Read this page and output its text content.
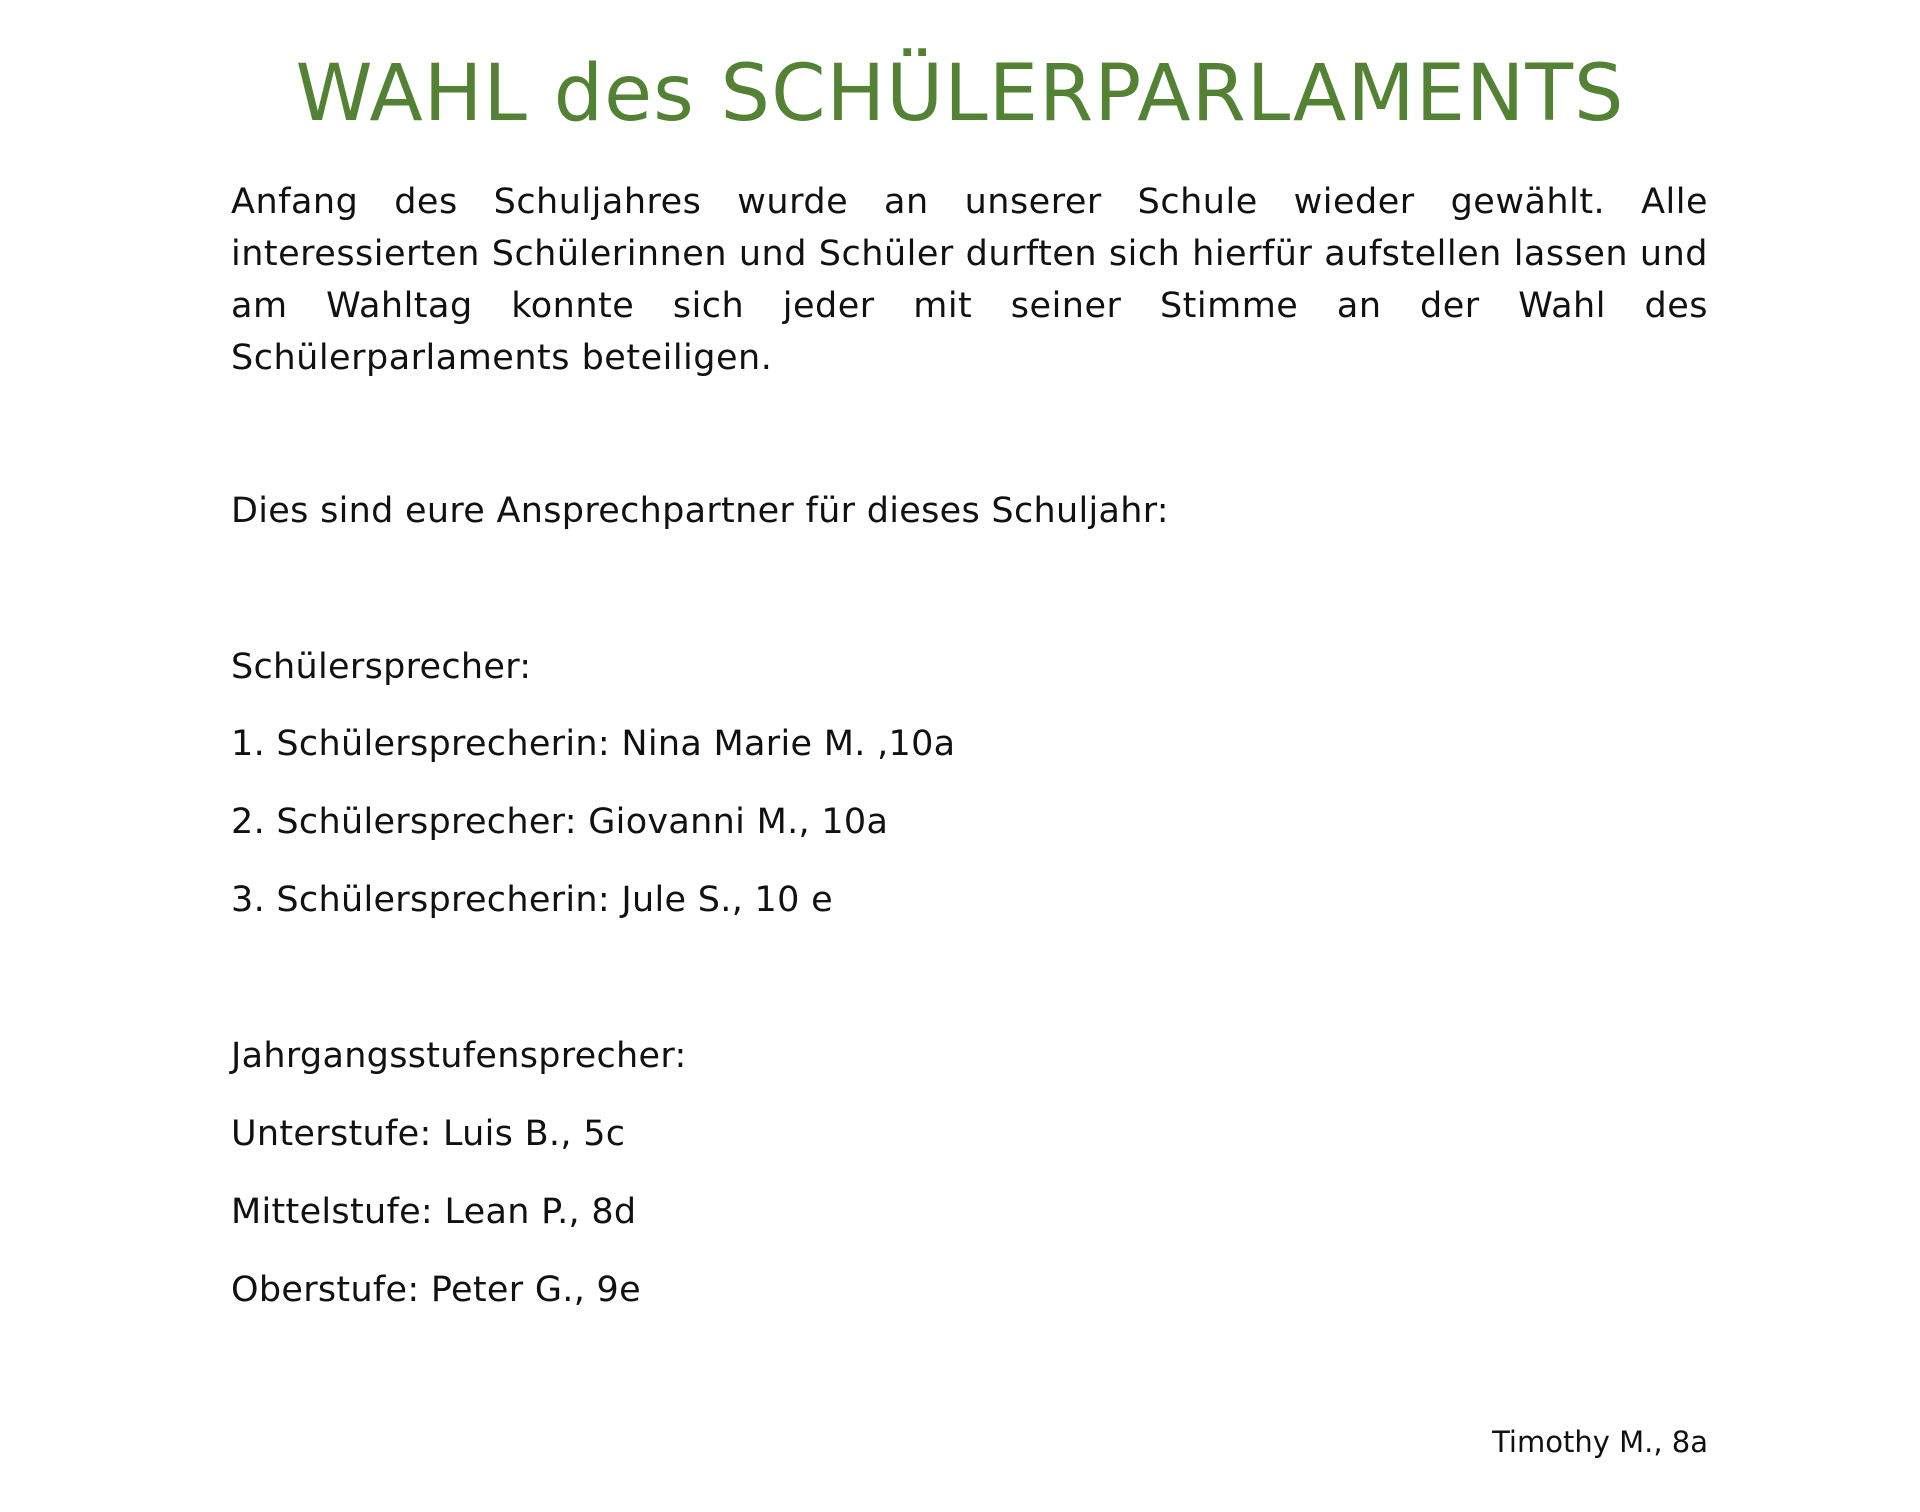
WAHL des SCHÜLERPARLAMENTS

Anfang des Schuljahres wurde an unserer Schule wieder gewählt. Alle interessierten Schülerinnen und Schüler durften sich hierfür aufstellen lassen und am Wahltag konnte sich jeder mit seiner Stimme an der Wahl des Schülerparlaments beteiligen.

Dies sind eure Ansprechpartner für dieses Schuljahr:

Schülersprecher:

1. Schülersprecherin: Nina Marie M. ,10a

2. Schülersprecher: Giovanni M., 10a

3. Schülersprecherin: Jule S., 10 e

Jahrgangsstufensprecher:

Unterstufe: Luis B., 5c

Mittelstufe: Lean P., 8d

Oberstufe: Peter G., 9e

Timothy M., 8a
